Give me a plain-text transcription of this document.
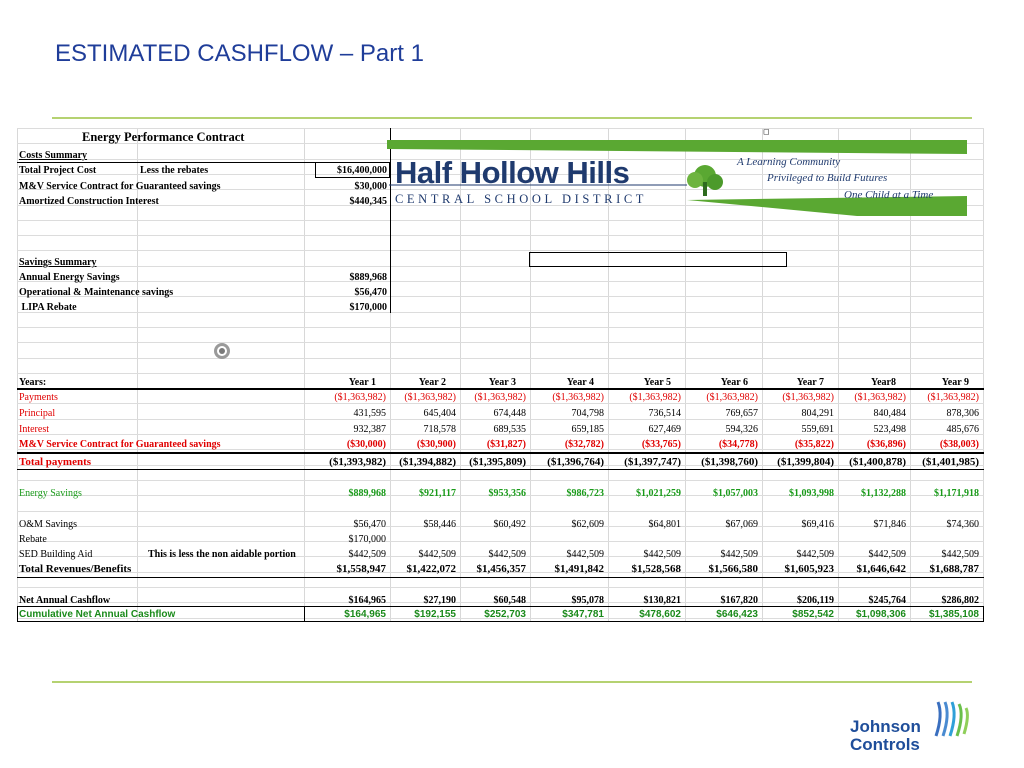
ESTIMATED CASHFLOW – Part 1
Energy Performance Contract
Costs Summary
Total Project Cost	Less the rebates	$16,400,000
M&V Service Contract for Guaranteed savings	$30,000
Amortized Construction Interest	$440,345
Savings Summary
Annual Energy Savings	$889,968
Operational & Maintenance savings	$56,470
LIPA Rebate	$170,000
◻
Years:	Year 1	Year 2	Year 3	Year 4	Year 5	Year 6	Year 7	Year8	Year 9
Payments	($1,363,982)	($1,363,982)	($1,363,982)	($1,363,982)	($1,363,982)	($1,363,982)	($1,363,982)	($1,363,982)	($1,363,982)
Principal	431,595	645,404	674,448	704,798	736,514	769,657	804,291	840,484	878,306
Interest	932,387	718,578	689,535	659,185	627,469	594,326	559,691	523,498	485,676
M&V Service Contract for Guaranteed savings	($30,000)	($30,900)	($31,827)	($32,782)	($33,765)	($34,778)	($35,822)	($36,896)	($38,003)
Total payments	($1,393,982)	($1,394,882)	($1,395,809)	($1,396,764)	($1,397,747)	($1,398,760)	($1,399,804)	($1,400,878)	($1,401,985)
Energy Savings	$889,968	$921,117	$953,356	$986,723	$1,021,259	$1,057,003	$1,093,998	$1,132,288	$1,171,918
O&M Savings	$56,470	$58,446	$60,492	$62,609	$64,801	$67,069	$69,416	$71,846	$74,360
Rebate	$170,000
SED Building Aid	This is less the non aidable portion	$442,509	$442,509	$442,509	$442,509	$442,509	$442,509	$442,509	$442,509	$442,509
Total Revenues/Benefits	$1,558,947	$1,422,072	$1,456,357	$1,491,842	$1,528,568	$1,566,580	$1,605,923	$1,646,642	$1,688,787
Net Annual Cashflow	$164,965	$27,190	$60,548	$95,078	$130,821	$167,820	$206,119	$245,764	$286,802
Cumulative Net Annual Cashflow	$164,965	$192,155	$252,703	$347,781	$478,602	$646,423	$852,542	$1,098,306	$1,385,108
Half Hollow Hills
CENTRAL SCHOOL DISTRICT
A Learning Community
Privileged to Build Futures
One Child at a Time
Johnson
Controls
